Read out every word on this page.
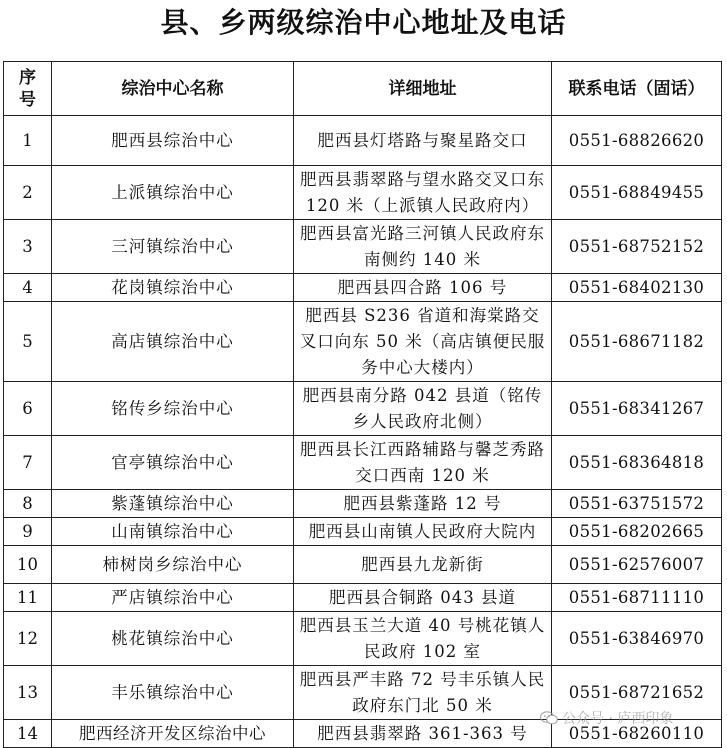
县、乡两级综治中心地址及电话
序号	综治中心名称	详细地址	联系电话（固话）
1	肥西县综治中心	肥西县灯塔路与聚星路交口	0551-68826620
2	上派镇综治中心	肥西县翡翠路与望水路交叉口东 120 米（上派镇人民政府内）	0551-68849455
3	三河镇综治中心	肥西县富光路三河镇人民政府东南侧约 140 米	0551-68752152
4	花岗镇综治中心	肥西县四合路 106 号	0551-68402130
5	高店镇综治中心	肥西县 S236 省道和海棠路交叉口向东 50 米（高店镇便民服务中心大楼内）	0551-68671182
6	铭传乡综治中心	肥西县南分路 042 县道（铭传乡人民政府北侧）	0551-68341267
7	官亭镇综治中心	肥西县长江西路辅路与馨芝秀路交口西南 120 米	0551-68364818
8	紫蓬镇综治中心	肥西县紫蓬路 12 号	0551-63751572
9	山南镇综治中心	肥西县山南镇人民政府大院内	0551-68202665
10	柿树岗乡综治中心	肥西县九龙新街	0551-62576007
11	严店镇综治中心	肥西县合铜路 043 县道	0551-68711110
12	桃花镇综治中心	肥西县玉兰大道 40 号桃花镇人民政府 102 室	0551-63846970
13	丰乐镇综治中心	肥西县严丰路 72 号丰乐镇人民政府东门北 50 米	0551-68721652
14	肥西经济开发区综治中心	肥西县翡翠路 361-363 号	0551-68260110
公众号 · 庐西印象
